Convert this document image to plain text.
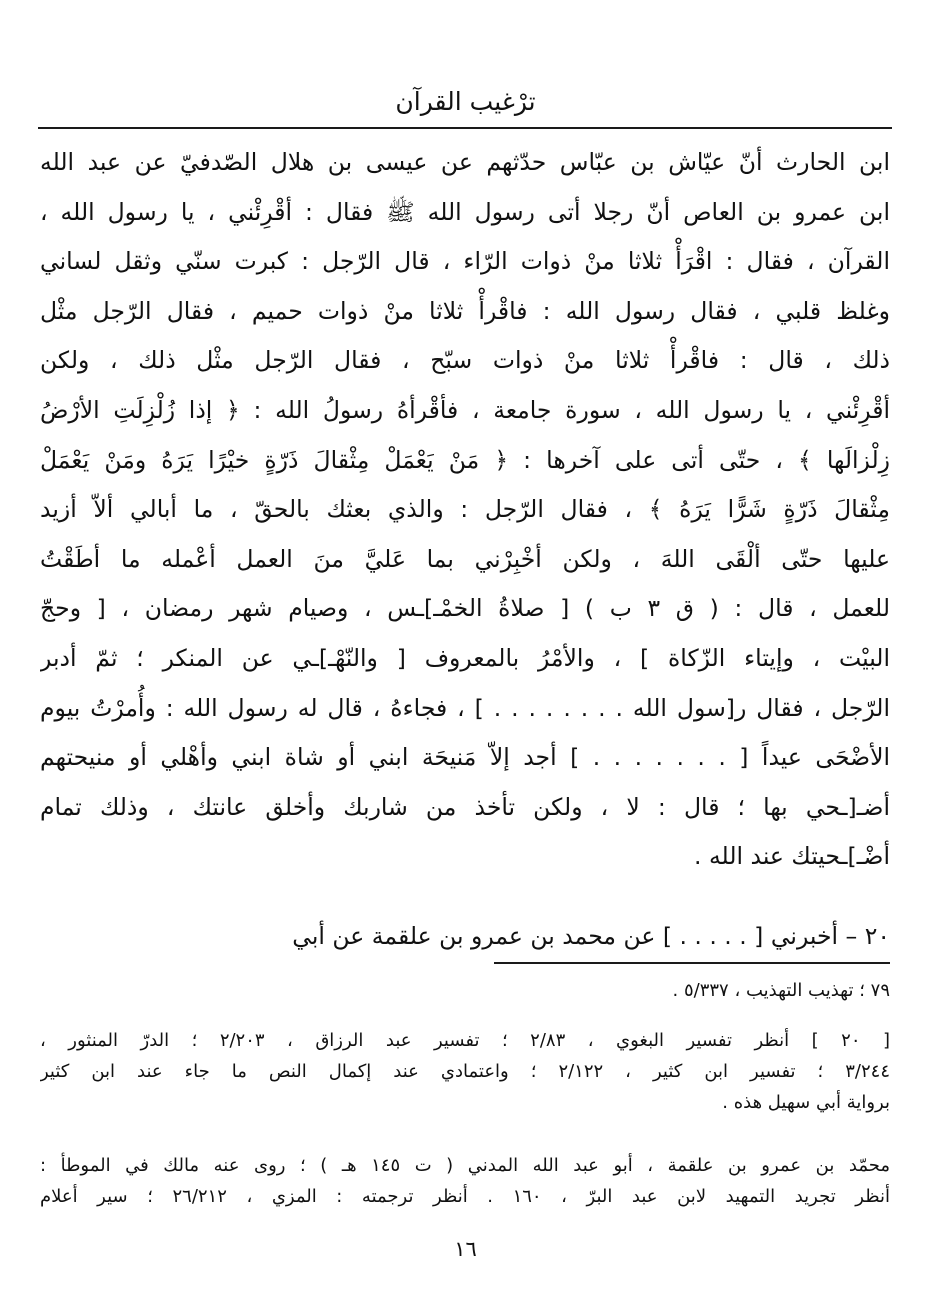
ترْغيب القرآن
ابن الحارث أنّ عيّاش بن عبّاس حدّثهم عن عيسى بن هلال الصّدفيّ عن عبد الله
ابن عمرو بن العاص أنّ رجلا أتى رسول الله ﷺ فقال : أقْرِئْني ، يا رسول الله ،
القرآن ، فقال : اقْرَأْ ثلاثا منْ ذوات الرّاء ، قال الرّجل : كبرت سنّي وثقل لساني
وغلظ قلبي ، فقال رسول الله : فاقْرأْ ثلاثا منْ ذوات حميم ، فقال الرّجل مثْل
ذلك ، قال : فاقْرأْ ثلاثا منْ ذوات سبّح ، فقال الرّجل مثْل ذلك ، ولكن
أقْرِئْني ، يا رسول الله ، سورة جامعة ، فأقْرأهُ رسولُ الله : ﴿ إذا زُلْزِلَتِ الأرْضُ
زِلْزالَها ﴾ ، حتّى أتى على آخرها : ﴿ مَنْ يَعْمَلْ مِثْقالَ ذَرّةٍ خيْرًا يَرَهُ ومَنْ يَعْمَلْ
مِثْقالَ ذَرّةٍ شَرًّا يَرَهُ ﴾ ، فقال الرّجل : والذي بعثك بالحقّ ، ما أبالي ألاّ أزيد
عليها حتّى ألْقَى اللهَ ، ولكن أخْبِرْني بما عَليَّ منَ العمل أعْمله ما أطَقْتُ
للعمل ، قال : ( ق ٣ ب ) [ صلاةُ الخمْـ]ـس ، وصيام شهر رمضان ، [ وحجّ
البيْت ، وإيتاء الزّكاة ] ، والأمْرُ بالمعروف [ والنّهْـ]ـي عن المنكر ؛ ثمّ أدبر
الرّجل ، فقال ر[سول الله . . . . . . . . ] ، فجاءهُ ، قال له رسول الله : وأُمرْتُ بيوم
الأضْحَى عيداً [ . . . . . . . ] أجد إلاّ مَنيحَة ابني أو شاة ابني وأهْلي أو منيحتهم
أضـ[ـحي بها ؛ قال : لا ، ولكن تأخذ من شاربك وأخلق عانتك ، وذلك تمام
أضْـ]ـحيتك عند الله .
٢٠ – أخبرني [ . . . . . ] عن محمد بن عمرو بن علقمة عن أبي
٧٩ ؛ تهذيب التهذيب ، ٥/٣٣٧ .
[ ٢٠ ] أنظر تفسير البغوي ، ٢/٨٣ ؛ تفسير عبد الرزاق ، ٢/٢٠٣ ؛ الدرّ المنثور ،
٣/٢٤٤ ؛ تفسير ابن كثير ، ٢/١٢٢ ؛ واعتمادي عند إكمال النص ما جاء عند ابن كثير
برواية أبي سهيل هذه .
محمّد بن عمرو بن علقمة ، أبو عبد الله المدني ( ت ١٤٥ هـ ) ؛ روى عنه مالك في الموطأ :
أنظر تجريد التمهيد لابن عبد البرّ ، ١٦٠ . أنظر ترجمته : المزي ، ٢٦/٢١٢ ؛ سير أعلام
١٦
